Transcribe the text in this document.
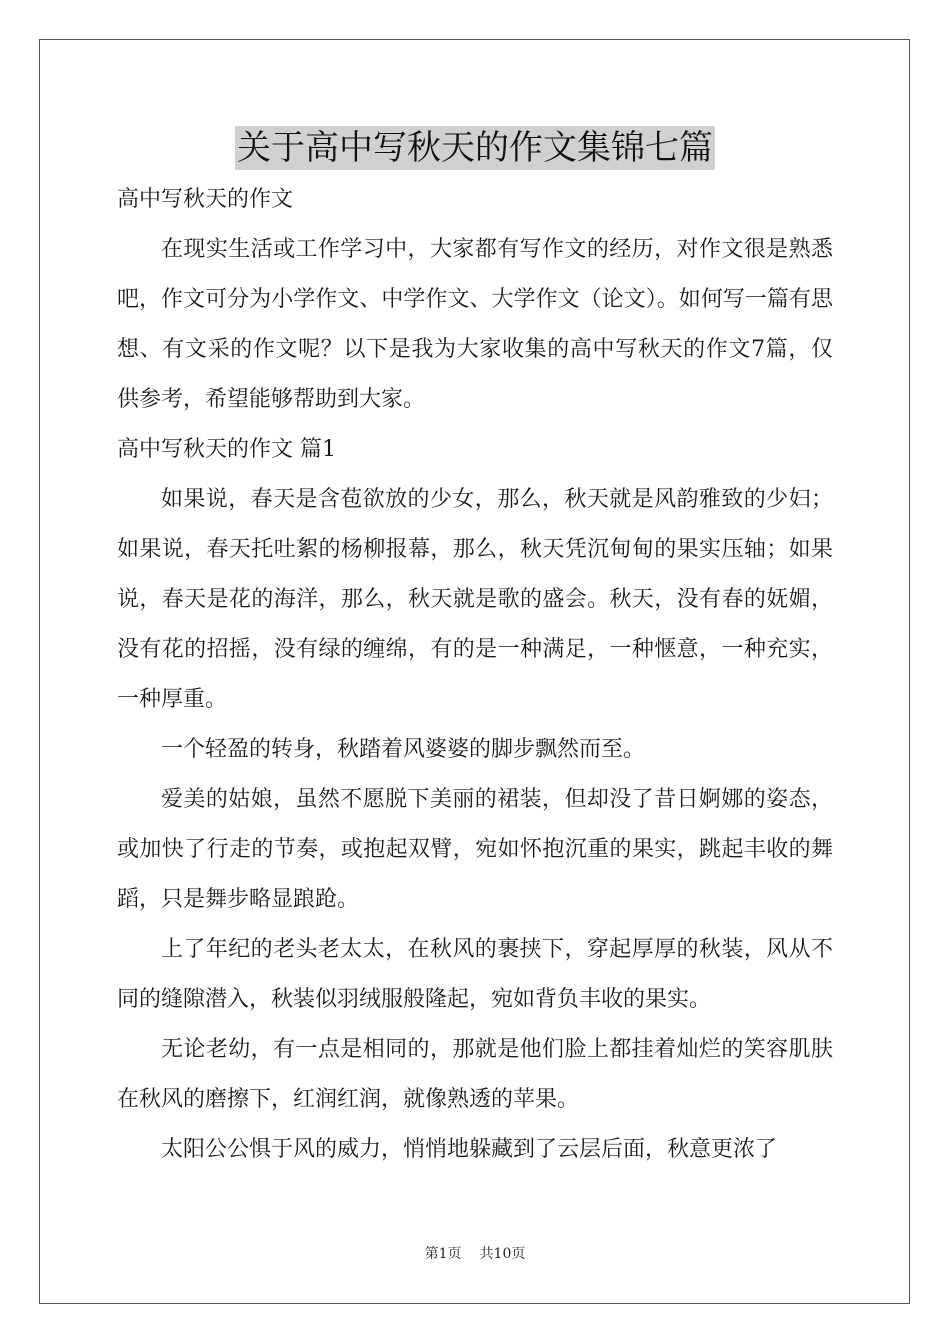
关于高中写秋天的作文集锦七篇

高中写秋天的作文

在现实生活或工作学习中，大家都有写作文的经历，对作文很是熟悉吧，作文可分为小学作文、中学作文、大学作文（论文）。如何写一篇有思想、有文采的作文呢？以下是我为大家收集的高中写秋天的作文7篇，仅供参考，希望能够帮助到大家。

高中写秋天的作文 篇1

如果说，春天是含苞欲放的少女，那么，秋天就是风韵雅致的少妇；如果说，春天托吐絮的杨柳报幕，那么，秋天凭沉甸甸的果实压轴；如果说，春天是花的海洋，那么，秋天就是歌的盛会。秋天，没有春的妩媚，没有花的招摇，没有绿的缠绵，有的是一种满足，一种惬意，一种充实，一种厚重。

一个轻盈的转身，秋踏着风婆婆的脚步飘然而至。

爱美的姑娘，虽然不愿脱下美丽的裙装，但却没了昔日婀娜的姿态，或加快了行走的节奏，或抱起双臂，宛如怀抱沉重的果实，跳起丰收的舞蹈，只是舞步略显踉跄。

上了年纪的老头老太太，在秋风的裹挟下，穿起厚厚的秋装，风从不同的缝隙潜入，秋装似羽绒服般隆起，宛如背负丰收的果实。

无论老幼，有一点是相同的，那就是他们脸上都挂着灿烂的笑容肌肤在秋风的磨擦下，红润红润，就像熟透的苹果。

太阳公公惧于风的威力，悄悄地躲藏到了云层后面，秋意更浓了

第1页 共10页
